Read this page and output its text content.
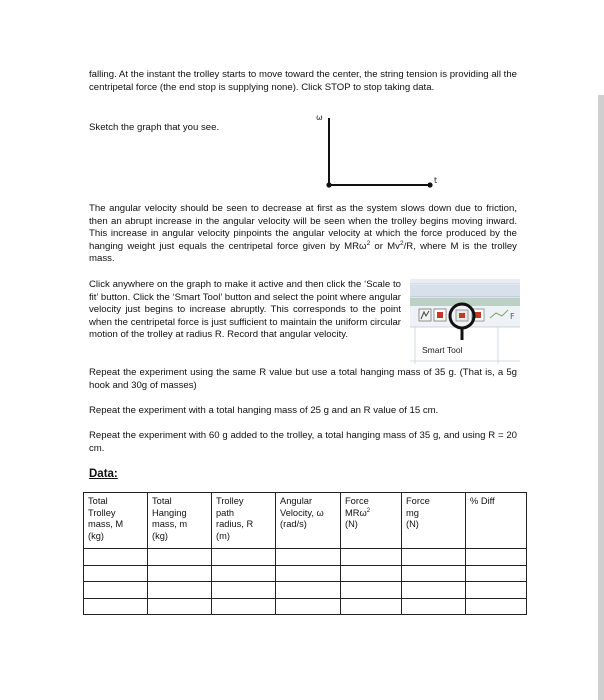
falling. At the instant the trolley starts to move toward the center, the string tension is providing all the centripetal force (the end stop is supplying none). Click STOP to stop taking data.

Sketch the graph that you see.

ω
t

The angular velocity should be seen to decrease at first as the system slows down due to friction, then an abrupt increase in the angular velocity will be seen when the trolley begins moving inward. This increase in angular velocity pinpoints the angular velocity at which the force produced by the hanging weight just equals the centripetal force given by MRω$^2$ or Mv$^2$/R, where M is the trolley mass.

Click anywhere on the graph to make it active and then click the ‘Scale to fit’ button. Click the ‘Smart Tool’ button and select the point where angular velocity just begins to increase abruptly. This corresponds to the point when the centripetal force is just sufficient to maintain the uniform circular motion of the trolley at radius R. Record that angular velocity.

F
Smart Tool

Repeat the experiment using the same R value but use a total hanging mass of 35 g. (That is, a 5g hook and 30g of masses)

Repeat the experiment with a total hanging mass of 25 g and an R value of 15 cm.

Repeat the experiment with 60 g added to the trolley, a total hanging mass of 35 g, and using R = 20 cm.

Data:

Total
Trolley
mass, M
(kg)	Total
Hanging
mass, m
(kg)	Trolley
path
radius, R
(m)	Angular
Velocity, ω
(rad/s)	Force
MRω$^2$
(N)	Force
mg
(N)	% Diff
